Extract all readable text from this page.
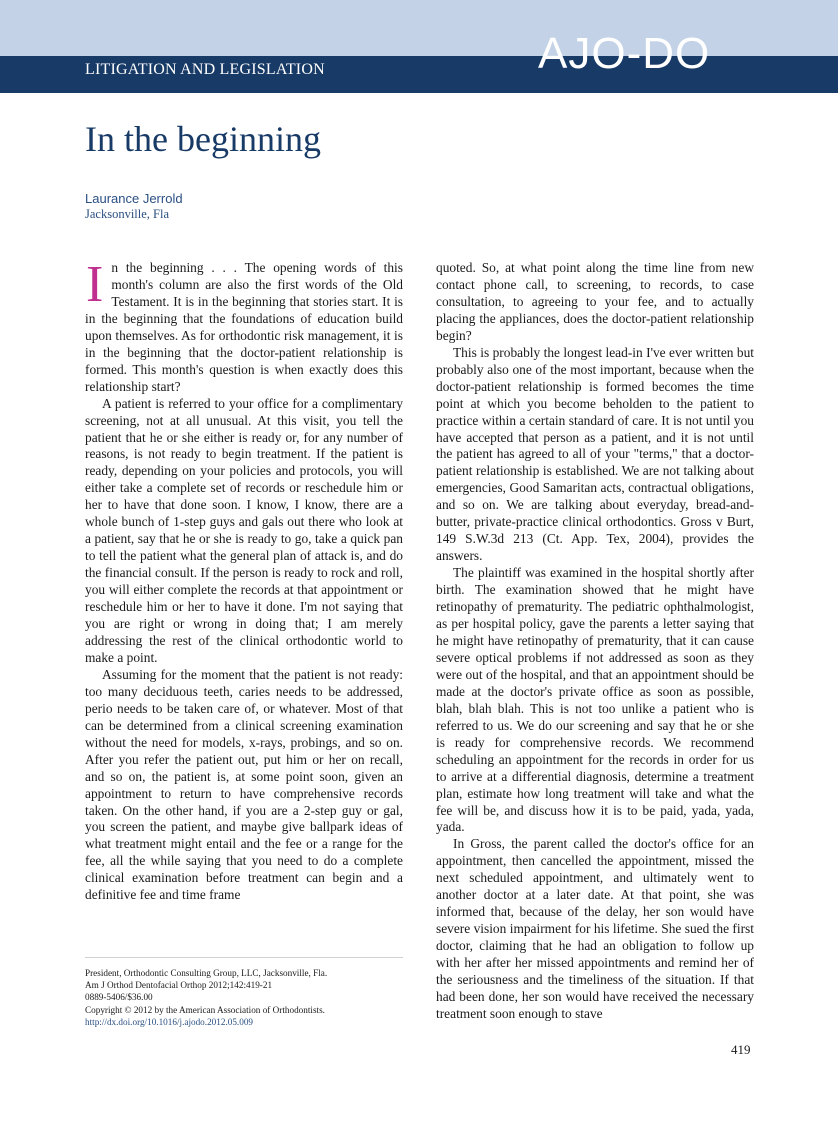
LITIGATION AND LEGISLATION	AJO-DO
In the beginning
Laurance Jerrold
Jacksonville, Fla

In the beginning . . . The opening words of this month's column are also the first words of the Old Testament. It is in the beginning that stories start. It is in the beginning that the foundations of education build upon themselves. As for orthodontic risk management, it is in the beginning that the doctor-patient relationship is formed. This month's question is when exactly does this relationship start?

A patient is referred to your office for a complimentary screening, not at all unusual. At this visit, you tell the patient that he or she either is ready or, for any number of reasons, is not ready to begin treatment. If the patient is ready, depending on your policies and protocols, you will either take a complete set of records or reschedule him or her to have that done soon. I know, I know, there are a whole bunch of 1-step guys and gals out there who look at a patient, say that he or she is ready to go, take a quick pan to tell the patient what the general plan of attack is, and do the financial consult. If the person is ready to rock and roll, you will either complete the records at that appointment or reschedule him or her to have it done. I'm not saying that you are right or wrong in doing that; I am merely addressing the rest of the clinical orthodontic world to make a point.

Assuming for the moment that the patient is not ready: too many deciduous teeth, caries needs to be addressed, perio needs to be taken care of, or whatever. Most of that can be determined from a clinical screening examination without the need for models, x-rays, probings, and so on. After you refer the patient out, put him or her on recall, and so on, the patient is, at some point soon, given an appointment to return to have comprehensive records taken. On the other hand, if you are a 2-step guy or gal, you screen the patient, and maybe give ballpark ideas of what treatment might entail and the fee or a range for the fee, all the while saying that you need to do a complete clinical examination before treatment can begin and a definitive fee and time frame

quoted. So, at what point along the time line from new contact phone call, to screening, to records, to case consultation, to agreeing to your fee, and to actually placing the appliances, does the doctor-patient relationship begin?

This is probably the longest lead-in I've ever written but probably also one of the most important, because when the doctor-patient relationship is formed becomes the time point at which you become beholden to the patient to practice within a certain standard of care. It is not until you have accepted that person as a patient, and it is not until the patient has agreed to all of your "terms," that a doctor-patient relationship is established. We are not talking about emergencies, Good Samaritan acts, contractual obligations, and so on. We are talking about everyday, bread-and-butter, private-practice clinical orthodontics. Gross v Burt, 149 S.W.3d 213 (Ct. App. Tex, 2004), provides the answers.

The plaintiff was examined in the hospital shortly after birth. The examination showed that he might have retinopathy of prematurity. The pediatric ophthalmologist, as per hospital policy, gave the parents a letter saying that he might have retinopathy of prematurity, that it can cause severe optical problems if not addressed as soon as they were out of the hospital, and that an appointment should be made at the doctor's private office as soon as possible, blah, blah blah. This is not too unlike a patient who is referred to us. We do our screening and say that he or she is ready for comprehensive records. We recommend scheduling an appointment for the records in order for us to arrive at a differential diagnosis, determine a treatment plan, estimate how long treatment will take and what the fee will be, and discuss how it is to be paid, yada, yada, yada.

In Gross, the parent called the doctor's office for an appointment, then cancelled the appointment, missed the next scheduled appointment, and ultimately went to another doctor at a later date. At that point, she was informed that, because of the delay, her son would have severe vision impairment for his lifetime. She sued the first doctor, claiming that he had an obligation to follow up with her after her missed appointments and remind her of the seriousness and the timeliness of the situation. If that had been done, her son would have received the necessary treatment soon enough to stave

President, Orthodontic Consulting Group, LLC, Jacksonville, Fla.
Am J Orthod Dentofacial Orthop 2012;142:419-21
0889-5406/$36.00
Copyright © 2012 by the American Association of Orthodontists.
http://dx.doi.org/10.1016/j.ajodo.2012.05.009
419
